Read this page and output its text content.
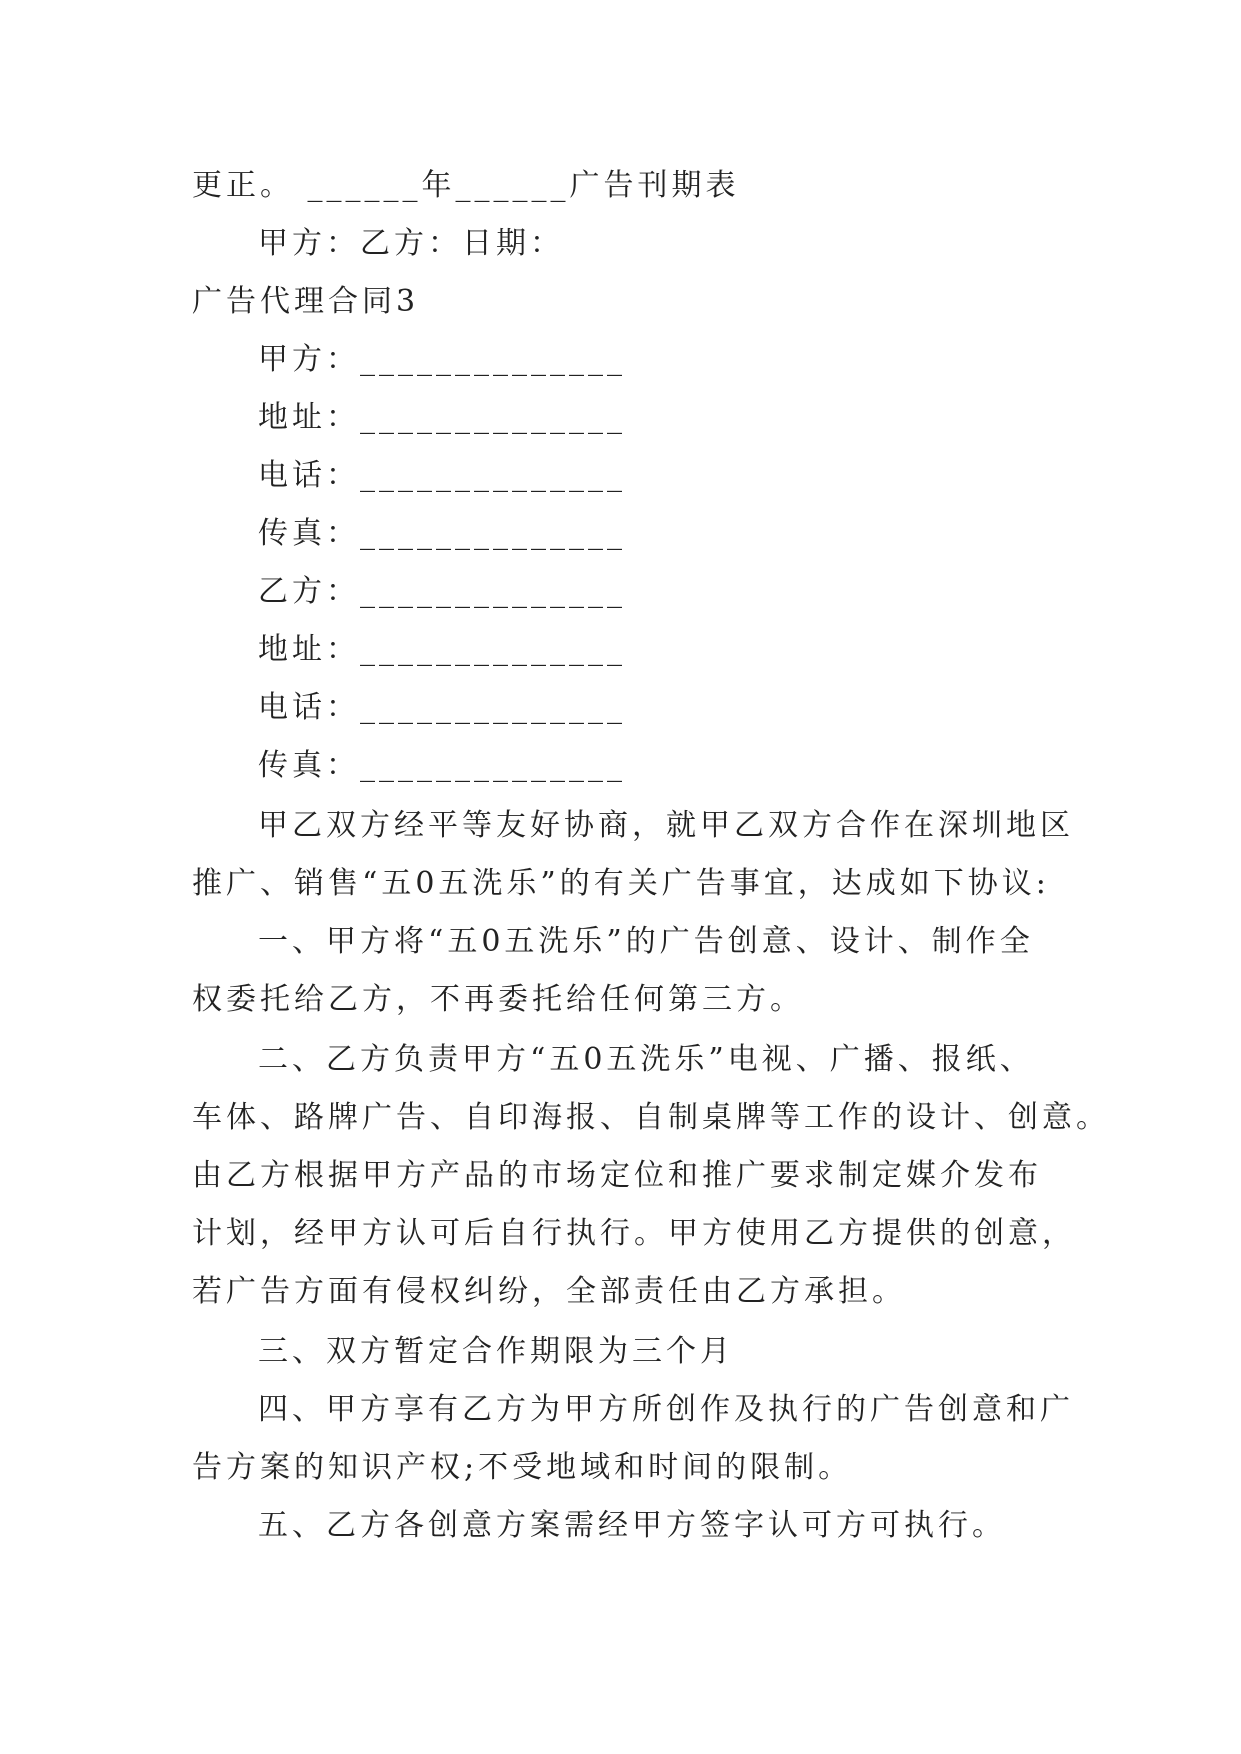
更正。 ______年______广告刊期表
甲方：乙方：日期：
广告代理合同3
甲方：______________
地址：______________
电话：______________
传真：______________
乙方：______________
地址：______________
电话：______________
传真：______________
甲乙双方经平等友好协商，就甲乙双方合作在深圳地区
推广、销售“五0五洗乐”的有关广告事宜，达成如下协议:
一、甲方将“五0五洗乐”的广告创意、设计、制作全
权委托给乙方，不再委托给任何第三方。
二、乙方负责甲方“五0五洗乐”电视、广播、报纸、
车体、路牌广告、自印海报、自制桌牌等工作的设计、创意。
由乙方根据甲方产品的市场定位和推广要求制定媒介发布
计划，经甲方认可后自行执行。甲方使用乙方提供的创意，
若广告方面有侵权纠纷，全部责任由乙方承担。
三、双方暂定合作期限为三个月
四、甲方享有乙方为甲方所创作及执行的广告创意和广
告方案的知识产权;不受地域和时间的限制。
五、乙方各创意方案需经甲方签字认可方可执行。
